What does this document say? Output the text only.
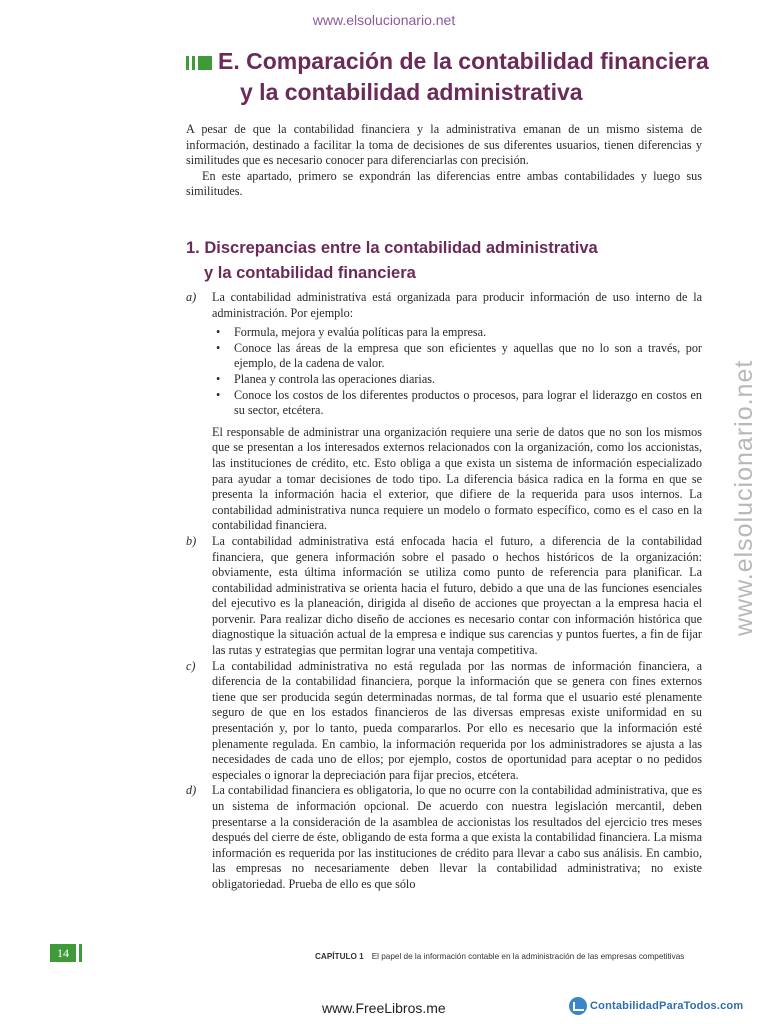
www.elsolucionario.net
E. Comparación de la contabilidad financiera
y la contabilidad administrativa

A pesar de que la contabilidad financiera y la administrativa emanan de un mismo sistema de información, destinado a facilitar la toma de decisiones de sus diferentes usuarios, tienen diferencias y similitudes que es necesario conocer para diferenciarlas con precisión.

En este apartado, primero se expondrán las diferencias entre ambas contabilidades y luego sus similitudes.

1. Discrepancias entre la contabilidad administrativa
y la contabilidad financiera
a) La contabilidad administrativa está organizada para producir información de uso interno de la administración. Por ejemplo:

• Formula, mejora y evalúa políticas para la empresa.
• Conoce las áreas de la empresa que son eficientes y aquellas que no lo son a través, por ejemplo, de la cadena de valor.
• Planea y controla las operaciones diarias.
• Conoce los costos de los diferentes productos o procesos, para lograr el liderazgo en costos en su sector, etcétera.

El responsable de administrar una organización requiere una serie de datos que no son los mismos que se presentan a los interesados externos relacionados con la organización, como los accionistas, las instituciones de crédito, etc. Esto obliga a que exista un sistema de información especializado para ayudar a tomar decisiones de todo tipo. La diferencia básica radica en la forma en que se presenta la información hacia el exterior, que difiere de la requerida para usos internos. La contabilidad administrativa nunca requiere un modelo o formato específico, como es el caso en la contabilidad financiera.

b) La contabilidad administrativa está enfocada hacia el futuro, a diferencia de la contabilidad financiera, que genera información sobre el pasado o hechos históricos de la organización: obviamente, esta última información se utiliza como punto de referencia para planificar. La contabilidad administrativa se orienta hacia el futuro, debido a que una de las funciones esenciales del ejecutivo es la planeación, dirigida al diseño de acciones que proyectan a la empresa hacia el porvenir. Para realizar dicho diseño de acciones es necesario contar con información histórica que diagnostique la situación actual de la empresa e indique sus carencias y puntos fuertes, a fin de fijar las rutas y estrategias que permitan lograr una ventaja competitiva.

c) La contabilidad administrativa no está regulada por las normas de información financiera, a diferencia de la contabilidad financiera, porque la información que se genera con fines externos tiene que ser producida según determinadas normas, de tal forma que el usuario esté plenamente seguro de que en los estados financieros de las diversas empresas existe uniformidad en su presentación y, por lo tanto, pueda compararlos. Por ello es necesario que la información esté plenamente regulada. En cambio, la información requerida por los administradores se ajusta a las necesidades de cada uno de ellos; por ejemplo, costos de oportunidad para aceptar o no pedidos especiales o ignorar la depreciación para fijar precios, etcétera.

d) La contabilidad financiera es obligatoria, lo que no ocurre con la contabilidad administrativa, que es un sistema de información opcional. De acuerdo con nuestra legislación mercantil, deben presentarse a la consideración de la asamblea de accionistas los resultados del ejercicio tres meses después del cierre de éste, obligando de esta forma a que exista la contabilidad financiera. La misma información es requerida por las instituciones de crédito para llevar a cabo sus análisis. En cambio, las empresas no necesariamente deben llevar la contabilidad administrativa; no existe obligatoriedad. Prueba de ello es que sólo

www.elsolucionario.net
14	CAPÍTULO 1 El papel de la información contable en la administración de las empresas competitivas
www.FreeLibros.me	ContabilidadParaTodos.com
